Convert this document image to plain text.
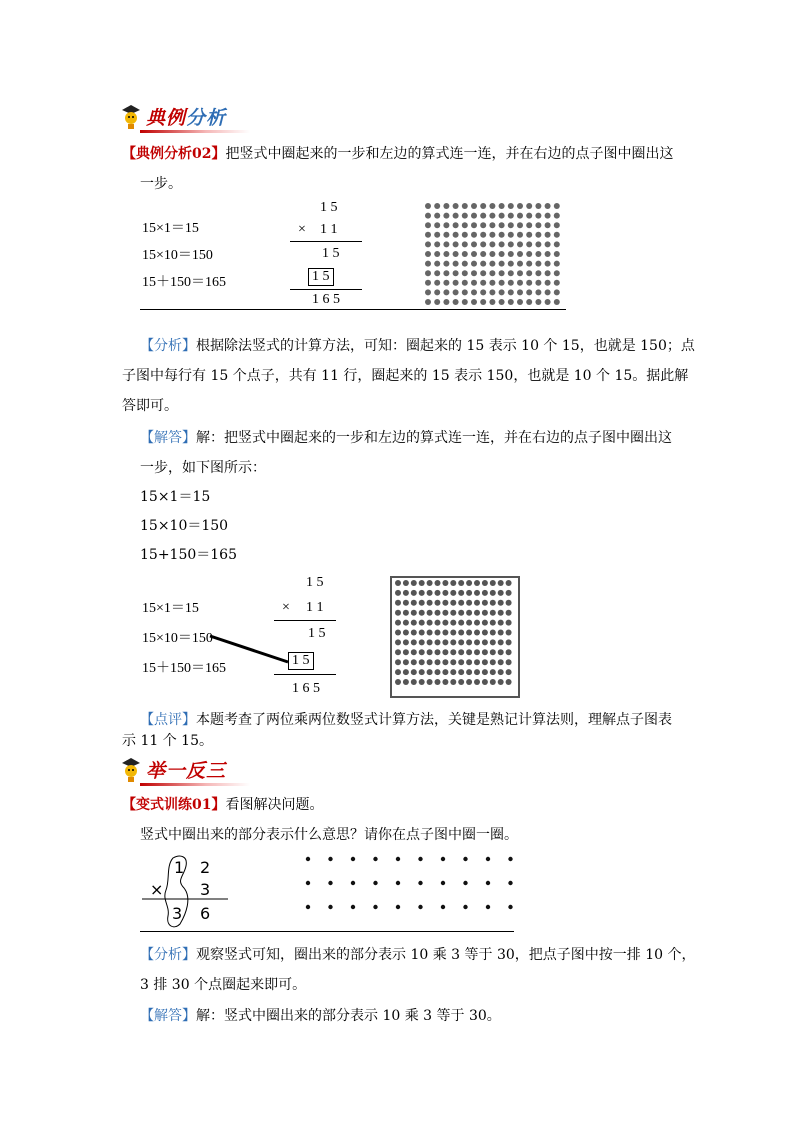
典例分析
【典例分析02】把竖式中圈起来的一步和左边的算式连一连，并在右边的点子图中圈出这
一步。
15×1＝15
15×10＝150
15＋150＝165
1 5
× 1 1
1 5
1 5
1 6 5
【分析】根据除法竖式的计算方法，可知：圈起来的 15 表示 10 个 15，也就是 150；点
子图中每行有 15 个点子，共有 11 行，圈起来的 15 表示 150，也就是 10 个 15。据此解
答即可。
【解答】解：把竖式中圈起来的一步和左边的算式连一连，并在右边的点子图中圈出这
一步，如下图所示：
15×1＝15
15×10＝150
15+150＝165
15×1＝15
15×10＝150
15＋150＝165
1 5
× 1 1
1 5
1 5
1 6 5
【点评】本题考查了两位乘两位数竖式计算方法，关键是熟记计算法则，理解点子图表
示 11 个 15。
举一反三
【变式训练01】看图解决问题。
竖式中圈出来的部分表示什么意思？请你在点子图中圈一圈。
1 2
× 3
3 6
【分析】观察竖式可知，圈出来的部分表示 10 乘 3 等于 30，把点子图中按一排 10 个，
3 排 30 个点圈起来即可。
【解答】解：竖式中圈出来的部分表示 10 乘 3 等于 30。
